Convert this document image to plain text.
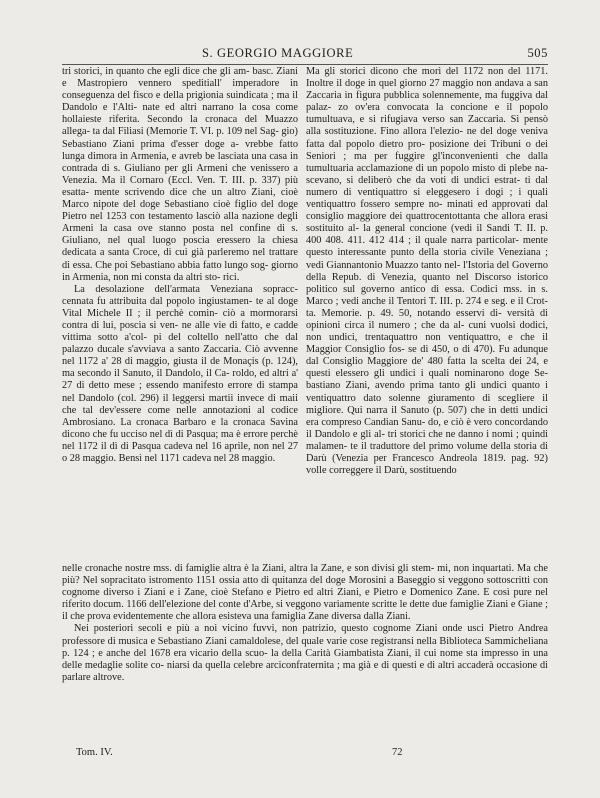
S. GEORGIO MAGGIORE	505

tri storici, in quanto che egli dice che gli am- basc. Ziani e Mastropiero vennero speditiall' imperadore in conseguenza del fisco e della prigionia suindicata ; ma il Dandolo e l'Alti- nate ed altri narrano la cosa come hollaieste riferita. Secondo la cronaca del Muazzo allega- ta dal Filiasi (Memorie T. VI. p. 109 nel Sag- gio) Sebastiano Ziani prima d'esser doge a- vrebbe fatto lunga dimora in Armenia, e avreb be lasciata una casa in contrada di s. Giuliano per gli Armeni che venissero a Venezia. Ma il Cornaro (Eccl. Ven. T. III. p. 337) più esatta- mente scrivendo dice che un altro Ziani, cioè Marco nipote del doge Sebastiano cioè figlio del doge Pietro nel 1253 con testamento lasciò alla nazione degli Armeni la casa ove stanno posta nel confine di s. Giuliano, nel qual luogo poscia eressero la chiesa dedicata a santa Croce, di cui già parleremo nel trattare di essa. Che poi Sebastiano abbia fatto lungo sog- giorno in Armenia, non mi consta da altri sto- rici.

La desolazione dell'armata Veneziana sopracc- cennata fu attribuita dal popolo ingiustamen- te al doge Vital Michele II ; il perchè comin- ciò a mormorarsi contra di lui, poscia si ven- ne alle vie di fatto, e cadde vittima sotto a'col- pi del coltello nell'atto che dal palazzo ducale s'avviava a santo Zaccaria. Ciò avvenne nel 1172 a' 28 di maggio, giusta il de Monaçis (p. 124), ma secondo il Sanuto, il Dandolo, il Ca- roldo, ed altri a' 27 di detto mese ; essendo manifesto errore di stampa nel Dandolo (col. 296) il leggersi martii invece di maii che tal dev'essere come nelle annotazioni al codice Ambrosiano. La cronaca Barbaro e la cronaca Savina dicono che fu ucciso nel dì di Pasqua; ma è errore perchè nel 1172 il dì di Pasqua cadeva nel 16 aprile, non nel 27 o 28 maggio. Bensì nel 1171 cadeva nel 28 maggio.

Ma gli storici dicono che morì del 1172 non del 1171. Inoltre il doge in quel giorno 27 maggio non andava a san Zaccaria in figura pubblica solennemente, ma fuggiva dal palaz- zo ov'era convocata la concione e il popolo tumultuava, e si rifugiava verso san Zaccaria. Si pensò alla sostituzione. Fino allora l'elezio- ne del doge veniva fatta dal popolo dietro pro- posizione dei Tribuni o dei Seniori ; ma per fuggire gl'inconvenienti che dalla tumultuaria acclamazione di un popolo misto di plebe na- scevano, si deliberò che da voti di undici estrat- ti dal numero di ventiquattro si eleggesero i dogi ; i quali ventiquattro fossero sempre no- minati ed approvati dal consiglio maggiore dei quattrocentottanta che allora erasi sostituito al- la general concione (vedi il Sandi T. II. p. 400 408. 411. 412 414 ; il quale narra particolar- mente questo interessante punto della storia civile Veneziana ; vedi Giannantonio Muazzo tanto nel- l'Istoria del Governo della Repub. di Venezia, quanto nel Discorso istorico politico sul governo antico di essa. Codici mss. in s. Marco ; vedi anche il Tentori T. III. p. 274 e seg. e il Crot- ta. Memorie. p. 49. 50, notando esservi di- versità di opinioni circa il numero ; che da al- cuni vuolsi dodici, non undici, trentaquattro non ventiquattro, e che il Maggior Consiglio fos- se di 450, o di 470). Fu adunque dal Consiglio Maggiore de' 480 fatta la scelta dei 24, e questi elessero gli undici i quali nominarono doge Se- bastiano Ziani, avendo prima tanto gli undici quanto i ventiquattro dato solenne giuramento di scegliere il migliore. Qui narra il Sanuto (p. 507) che in detti undici era compreso Candian Sanu- do, e ciò è vero concordando il Dandolo e gli al- tri storici che ne danno i nomi ; quindi malamen- te il traduttore del primo volume della storia di Darù (Venezia per Francesco Andreola 1819. pag. 92) volle correggere il Darù, sostituendo

nelle cronache nostre mss. di famiglie altra è la Ziani, altra la Zane, e son divisi gli stem- mi, non inquartati. Ma che più? Nel sopracitato istromento 1151 ossia atto di quitanza del doge Morosini a Baseggio si veggono sottoscritti con cognome diverso i Ziani e i Zane, cioè Stefano e Pietro ed altri Ziani, e Pietro e Domenico Zane. E così pure nel riferito docum. 1166 dell'elezione del conte d'Arbe, si veggono variamente scritte le dette due famiglie Ziani e Giane ; il che prova evidentemente che allora esisteva una famiglia Zane diversa dalla Ziani.

Nei posteriori secoli e più a noi vicino fuvvi, non patrizio, questo cognome Ziani onde usci Pietro Andrea professore di musica e Sebastiano Ziani camaldolese, del quale varie cose registransi nella Biblioteca Sammicheliana p. 124 ; e anche del 1678 era vicario della scuo- la della Carità Giambatista Ziani, il cui nome sta impresso in una delle medaglie solite co- niarsi da quella celebre arciconfraternita ; ma già e di questi e di altri accaderà occasione di parlare altrove.

Tom. IV.	72
